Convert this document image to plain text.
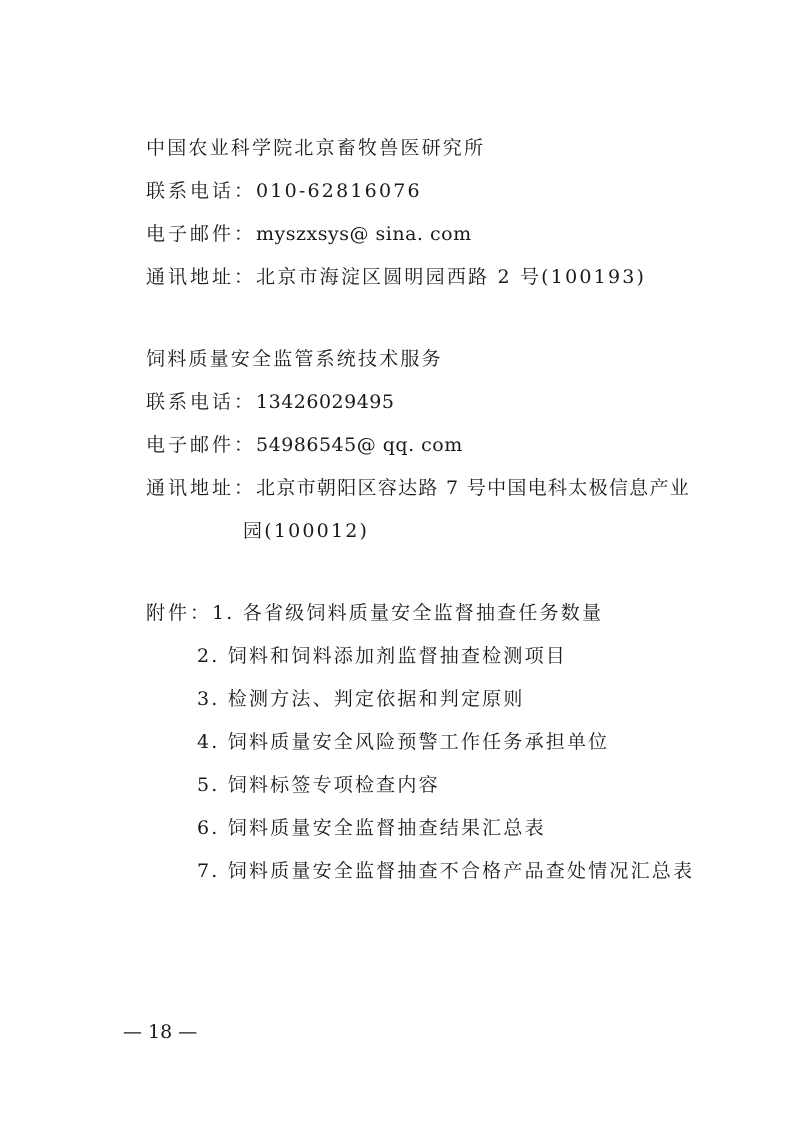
中国农业科学院北京畜牧兽医研究所
联系电话：010-62816076
电子邮件：myszxsys@ sina. com
通讯地址：北京市海淀区圆明园西路 2 号(100193)
饲料质量安全监管系统技术服务
联系电话：13426029495
电子邮件：54986545@ qq. com
通讯地址：北京市朝阳区容达路 7 号中国电科太极信息产业
园(100012)
附件：1. 各省级饲料质量安全监督抽查任务数量
2. 饲料和饲料添加剂监督抽查检测项目
3. 检测方法、判定依据和判定原则
4. 饲料质量安全风险预警工作任务承担单位
5. 饲料标签专项检查内容
6. 饲料质量安全监督抽查结果汇总表
7. 饲料质量安全监督抽查不合格产品查处情况汇总表
— 18 —
